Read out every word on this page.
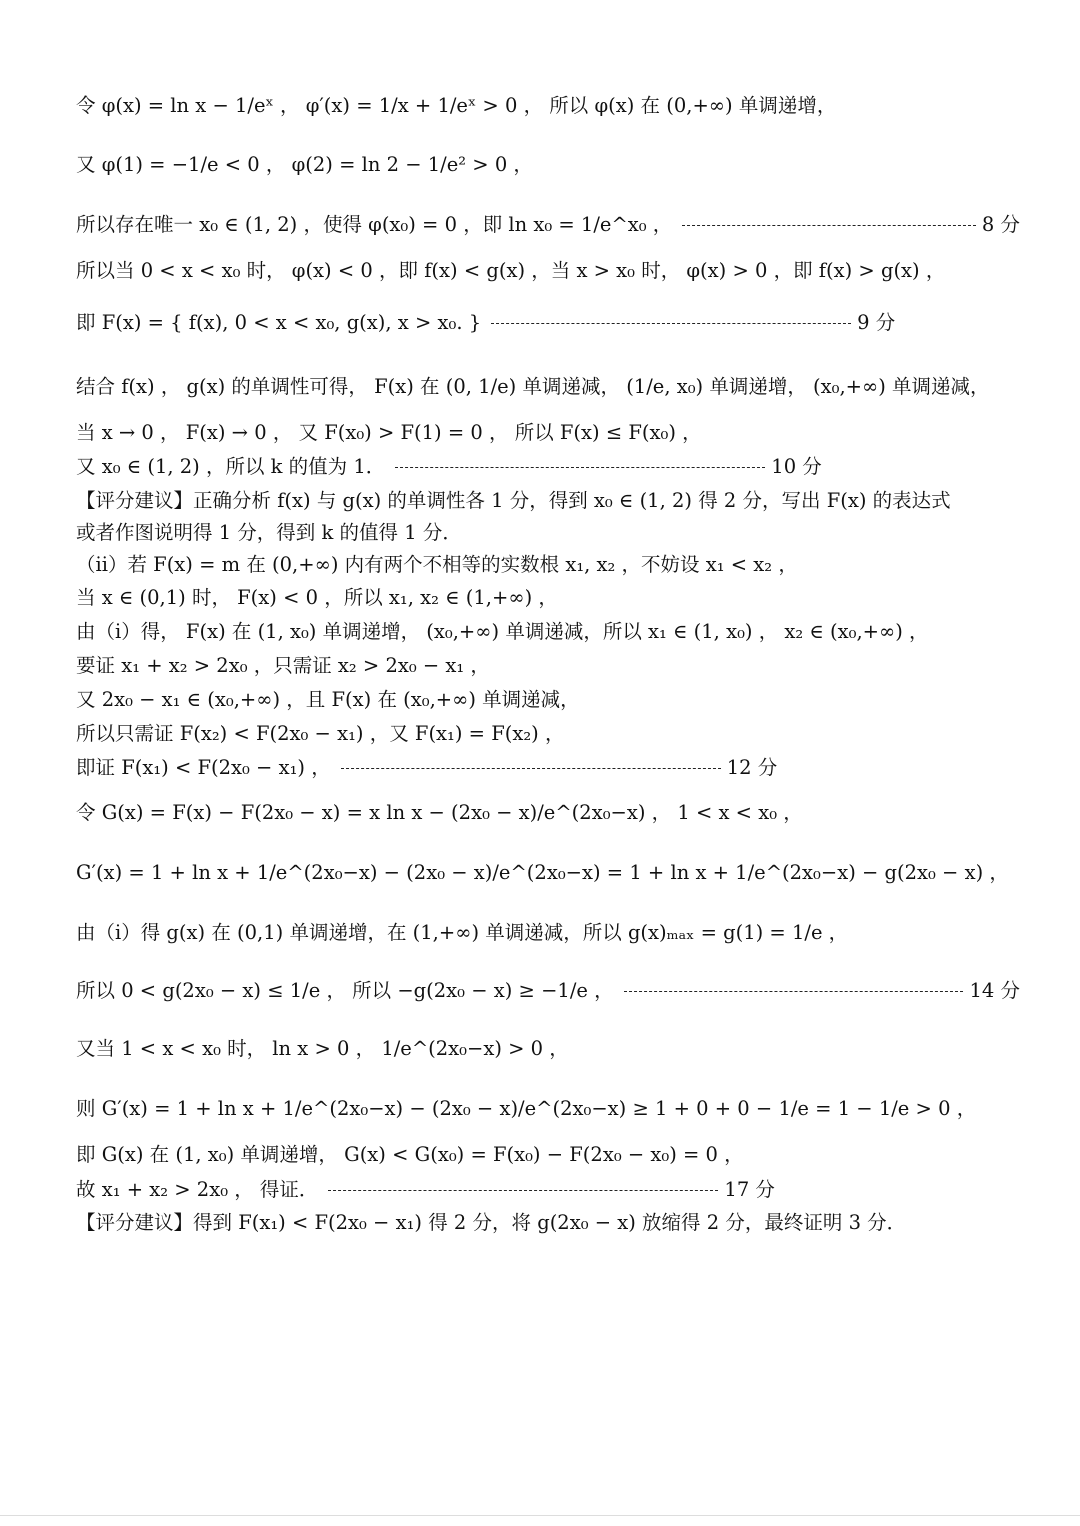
令 φ(x) = ln x − 1/eˣ ， φ′(x) = 1/x + 1/eˣ > 0 ， 所以 φ(x) 在 (0,+∞) 单调递增，
又 φ(1) = −1/e < 0 ， φ(2) = ln 2 − 1/e² > 0 ，
所以存在唯一 x₀ ∈ (1, 2) ，使得 φ(x₀) = 0 ，即 ln x₀ = 1/e^x₀ ，	8 分
所以当 0 < x < x₀ 时， φ(x) < 0 ，即 f(x) < g(x) ，当 x > x₀ 时， φ(x) > 0 ，即 f(x) > g(x) ，
即 F(x) = { f(x), 0 < x < x₀, g(x), x > x₀. }	9 分
结合 f(x) ， g(x) 的单调性可得， F(x) 在 (0, 1/e) 单调递减， (1/e, x₀) 单调递增， (x₀,+∞) 单调递减，
当 x → 0 ， F(x) → 0 ， 又 F(x₀) > F(1) = 0 ， 所以 F(x) ≤ F(x₀) ，
又 x₀ ∈ (1, 2) ，所以 k 的值为 1．	10 分
【评分建议】正确分析 f(x) 与 g(x) 的单调性各 1 分，得到 x₀ ∈ (1, 2) 得 2 分，写出 F(x) 的表达式
或者作图说明得 1 分，得到 k 的值得 1 分．
（ii）若 F(x) = m 在 (0,+∞) 内有两个不相等的实数根 x₁, x₂ ，不妨设 x₁ < x₂ ，
当 x ∈ (0,1) 时， F(x) < 0 ，所以 x₁, x₂ ∈ (1,+∞) ，
由（i）得， F(x) 在 (1, x₀) 单调递增， (x₀,+∞) 单调递减，所以 x₁ ∈ (1, x₀) ， x₂ ∈ (x₀,+∞) ，
要证 x₁ + x₂ > 2x₀ ，只需证 x₂ > 2x₀ − x₁ ，
又 2x₀ − x₁ ∈ (x₀,+∞) ，且 F(x) 在 (x₀,+∞) 单调递减，
所以只需证 F(x₂) < F(2x₀ − x₁) ，又 F(x₁) = F(x₂) ，
即证 F(x₁) < F(2x₀ − x₁) ，	12 分
令 G(x) = F(x) − F(2x₀ − x) = x ln x − (2x₀ − x)/e^(2x₀−x) ， 1 < x < x₀ ，
G′(x) = 1 + ln x + 1/e^(2x₀−x) − (2x₀ − x)/e^(2x₀−x) = 1 + ln x + 1/e^(2x₀−x) − g(2x₀ − x) ，
由（i）得 g(x) 在 (0,1) 单调递增，在 (1,+∞) 单调递减，所以 g(x)ₘₐₓ = g(1) = 1/e ，
所以 0 < g(2x₀ − x) ≤ 1/e ， 所以 −g(2x₀ − x) ≥ −1/e ，	14 分
又当 1 < x < x₀ 时， ln x > 0 ， 1/e^(2x₀−x) > 0 ，
则 G′(x) = 1 + ln x + 1/e^(2x₀−x) − (2x₀ − x)/e^(2x₀−x) ≥ 1 + 0 + 0 − 1/e = 1 − 1/e > 0 ，
即 G(x) 在 (1, x₀) 单调递增， G(x) < G(x₀) = F(x₀) − F(2x₀ − x₀) = 0 ，
故 x₁ + x₂ > 2x₀ ， 得证．	17 分
【评分建议】得到 F(x₁) < F(2x₀ − x₁) 得 2 分，将 g(2x₀ − x) 放缩得 2 分，最终证明 3 分．
